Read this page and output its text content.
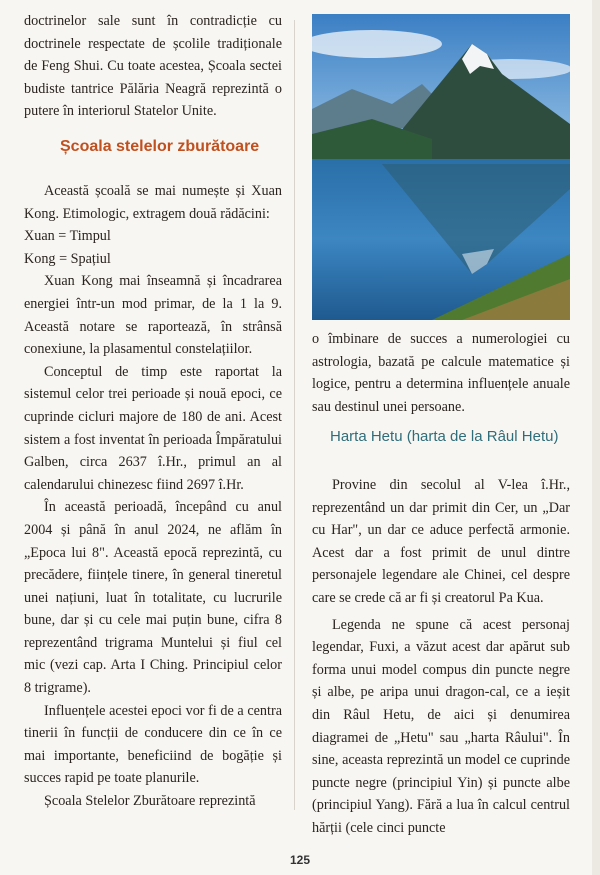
doctrinelor sale sunt în contradicție cu doctrinele respectate de școlile tradiționale de Feng Shui. Cu toate acestea, Școala sectei budiste tantrice Pălăria Neagră reprezintă o putere în interiorul Statelor Unite.

Școala stelelor zburătoare

Această școală se mai numește și Xuan Kong. Etimologic, extragem două rădăcini:

Xuan = Timpul

Kong = Spațiul

Xuan Kong mai înseamnă și încadrarea energiei într-un mod primar, de la 1 la 9. Această notare se raportează, în strânsă conexiune, la plasamentul constelațiilor.

Conceptul de timp este raportat la sistemul celor trei perioade și nouă epoci, ce cuprinde cicluri majore de 180 de ani. Acest sistem a fost inventat în perioada Împăratului Galben, circa 2637 î.Hr., primul an al calendarului chinezesc fiind 2697 î.Hr.

În această perioadă, începând cu anul 2004 și până în anul 2024, ne aflăm în „Epoca lui 8". Această epocă reprezintă, cu precădere, ființele tinere, în general tineretul unei națiuni, luat în totalitate, cu lucrurile bune, dar și cu cele mai puțin bune, cifra 8 reprezentând trigrama Muntelui și fiul cel mic (vezi cap. Arta I Ching. Principiul celor 8 trigrame).

Influențele acestei epoci vor fi de a centra tinerii în funcții de conducere din ce în ce mai importante, beneficiind de bogăție și succes rapid pe toate planurile.

Școala Stelelor Zburătoare reprezintă

o îmbinare de succes a numerologiei cu astrologia, bazată pe calcule matematice și logice, pentru a determina influențele anuale sau destinul unei persoane.

Harta Hetu (harta de la Râul Hetu)

Provine din secolul al V-lea î.Hr., reprezentând un dar primit din Cer, un „Dar cu Har", un dar ce aduce perfectă armonie. Acest dar a fost primit de unul dintre personajele legendare ale Chinei, cel despre care se crede că ar fi și creatorul Pa Kua.

Legenda ne spune că acest personaj legendar, Fuxi, a văzut acest dar apărut sub forma unui model compus din puncte negre și albe, pe aripa unui dragon-cal, ce a ieșit din Râul Hetu, de aici și denumirea diagramei de „Hetu" sau „harta Râului". În sine, aceasta reprezintă un model ce cuprinde puncte negre (principiul Yin) și puncte albe (principiul Yang). Fără a lua în calcul centrul hărții (cele cinci puncte

125
